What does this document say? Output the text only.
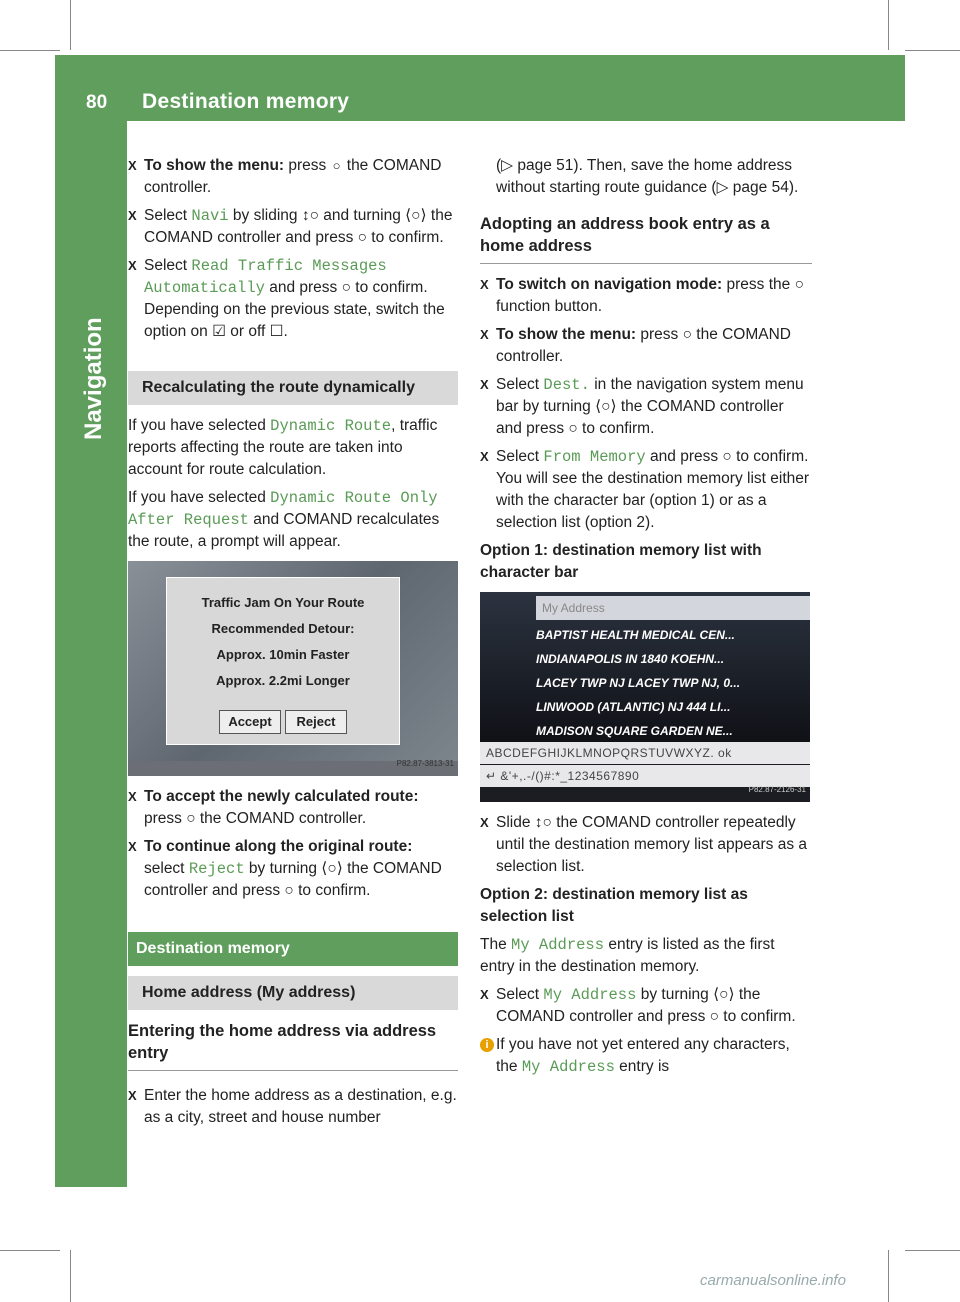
80 Destination memory
Navigation
X To show the menu: press ○ the COMAND controller.
X Select Navi by sliding ↕○ and turning ⟨○⟩ the COMAND controller and press ○ to confirm.
X Select Read Traffic Messages Automatically and press ○ to confirm.
Depending on the previous state, switch the option on ☑ or off ☐.
Recalculating the route dynamically
If you have selected Dynamic Route, traffic reports affecting the route are taken into account for route calculation.
If you have selected Dynamic Route Only After Request and COMAND recalculates the route, a prompt will appear.
Traffic Jam On Your Route
Recommended Detour:
Approx. 10min Faster
Approx. 2.2mi Longer
Accept	Reject
P82.87-3813-31
X To accept the newly calculated route:
press ○ the COMAND controller.
X To continue along the original route:
select Reject by turning ⟨○⟩ the COMAND controller and press ○ to confirm.
Destination memory
Home address (My address)
Entering the home address via address entry
X Enter the home address as a destination, e.g. as a city, street and house number
(▷ page 51). Then, save the home address without starting route guidance (▷ page 54).
Adopting an address book entry as a home address
X To switch on navigation mode: press the ○ function button.
X To show the menu: press ○ the COMAND controller.
X Select Dest. in the navigation system menu bar by turning ⟨○⟩ the COMAND controller and press ○ to confirm.
X Select From Memory and press ○ to confirm.
You will see the destination memory list either with the character bar (option 1) or as a selection list (option 2).
Option 1: destination memory list with character bar
My Address
BAPTIST HEALTH MEDICAL CEN...
INDIANAPOLIS IN 1840 KOEHN...
LACEY TWP NJ LACEY TWP NJ, 0...
LINWOOD (ATLANTIC) NJ 444 LI...
MADISON SQUARE GARDEN NE...
ABCDEFGHIJKLMNOPQRSTUVWXYZ. ok
↵ &'+,.-/()#:*_1234567890
P82.87-2126-31
X Slide ↕○ the COMAND controller repeatedly until the destination memory list appears as a selection list.
Option 2: destination memory list as selection list
The My Address entry is listed as the first entry in the destination memory.
X Select My Address by turning ⟨○⟩ the COMAND controller and press ○ to confirm.
i If you have not yet entered any characters, the My Address entry is
carmanualsonline.info
